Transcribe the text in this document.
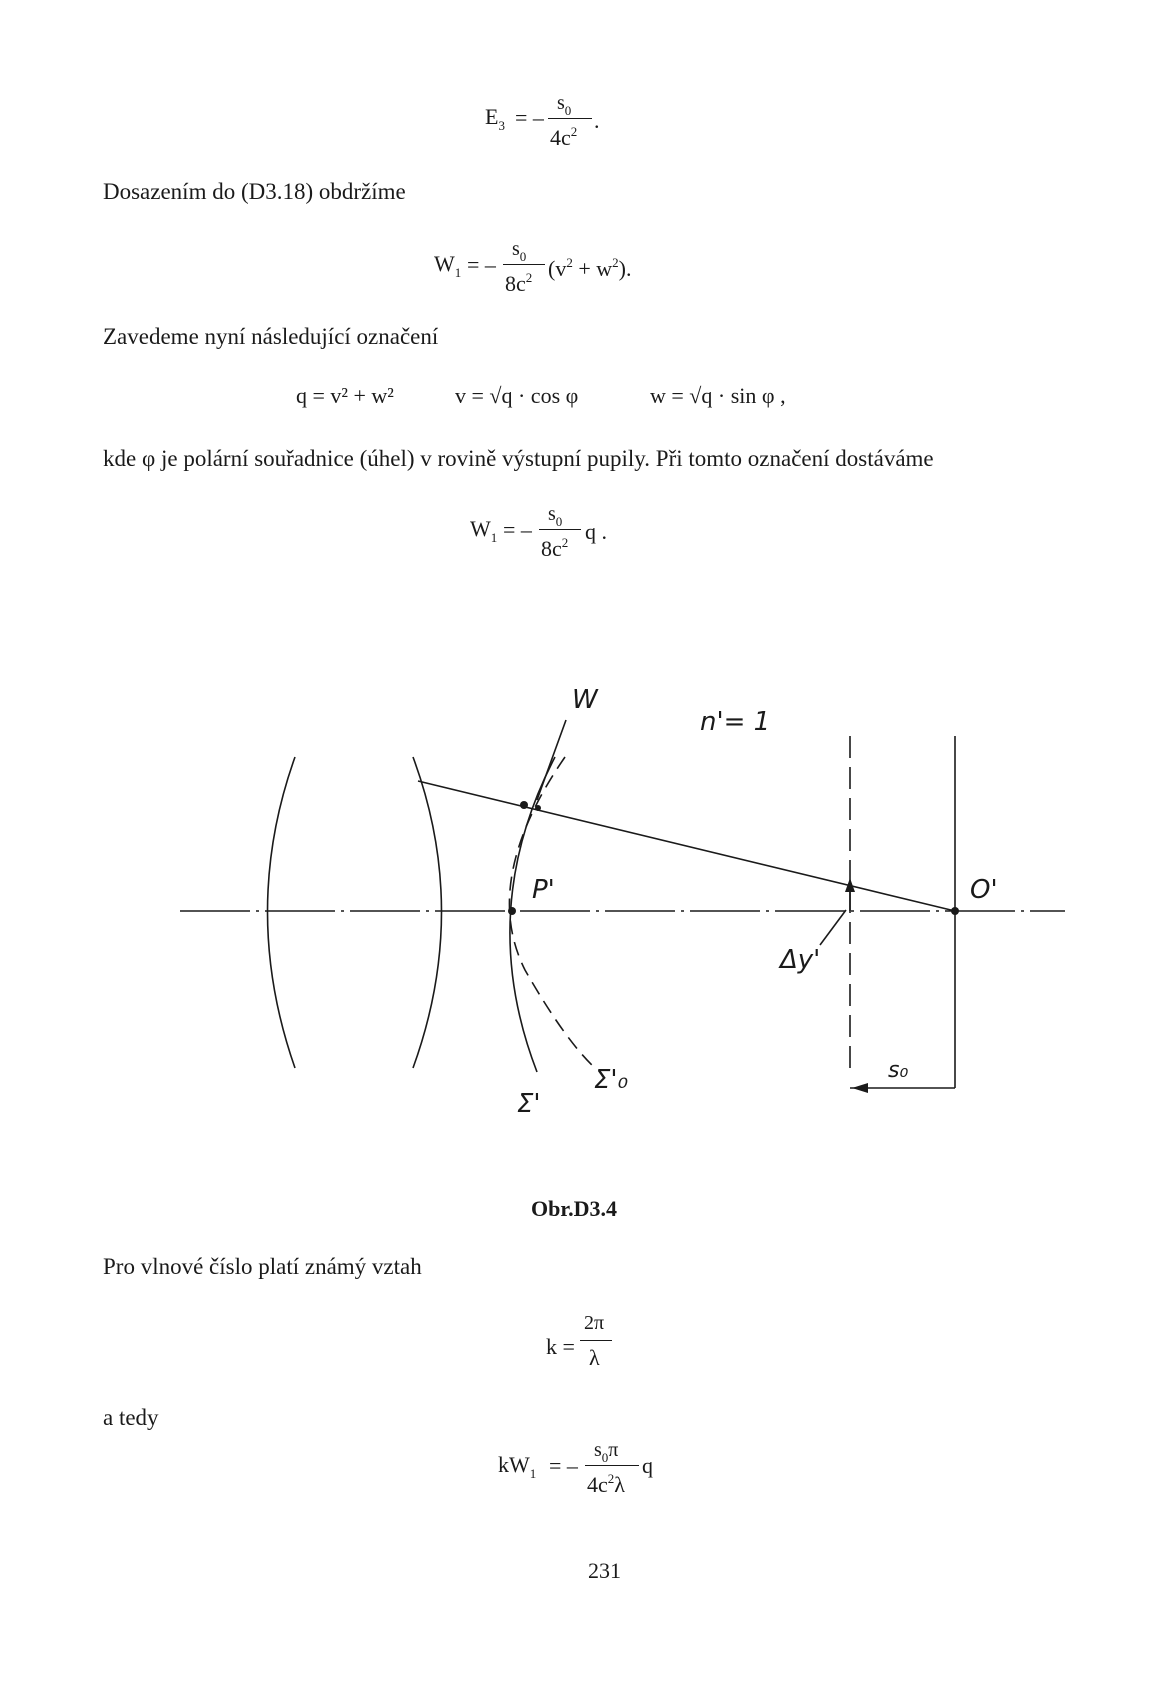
$E_3$ = –
$s_0$
$4c^2$ .
Dosazením do (D3.18) obdržíme
$W_1$ = –
$s_0$
$8c^2$ $(v^2 + w^2)$.
Zavedeme nyní následující označení
q = v² + w²	v = √q · cos φ	w = √q · sin φ ,
kde φ je polární souřadnice (úhel) v rovině výstupní pupily. Při tomto označení dostáváme
$W_1$ = –
$s_0$
$8c^2$ q .
W
n'= 1
P'	O'
Δy'
Σ'
Σ'₀	s₀
Obr.D3.4
Pro vlnové číslo platí známý vztah
k =
2π
λ
a tedy
$kW_1$ = –
$s_0\pi$
$4c^2\lambda$
q
231
